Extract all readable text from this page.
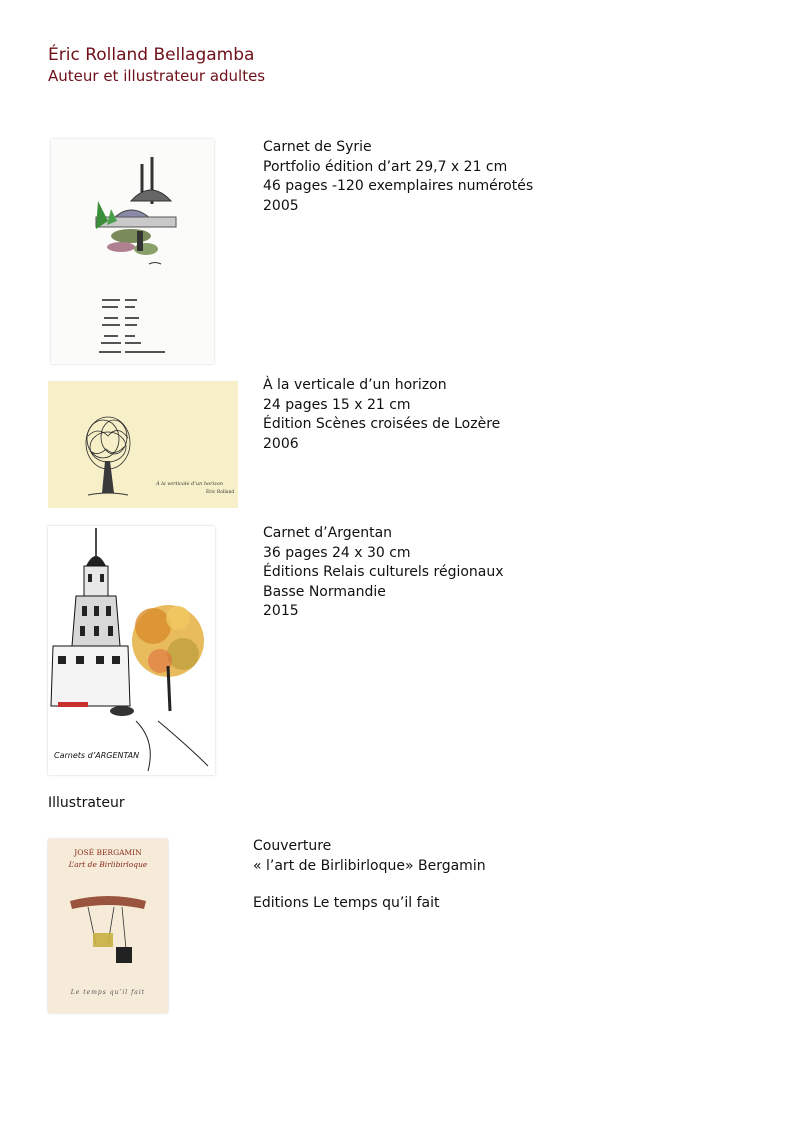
Éric Rolland Bellagamba
Auteur et illustrateur adultes
Carnet de Syrie
Portfolio édition d’art 29,7 x 21 cm
46 pages -120 exemplaires numérotés
2005
À la verticale d’un horizon
Éric Rolland
À la verticale d’un horizon
24 pages 15 x 21 cm
Édition Scènes croisées de Lozère
2006
Carnets d’ARGENTAN
Carnet d’Argentan
36 pages 24 x 30 cm
Éditions Relais culturels régionaux
Basse Normandie
2015
Illustrateur
JOSÉ BERGAMIN
L’art de Birlibirloque
Le temps qu’il fait
Couverture
« l’art de Birlibirloque» Bergamin
Editions Le temps qu’il fait
